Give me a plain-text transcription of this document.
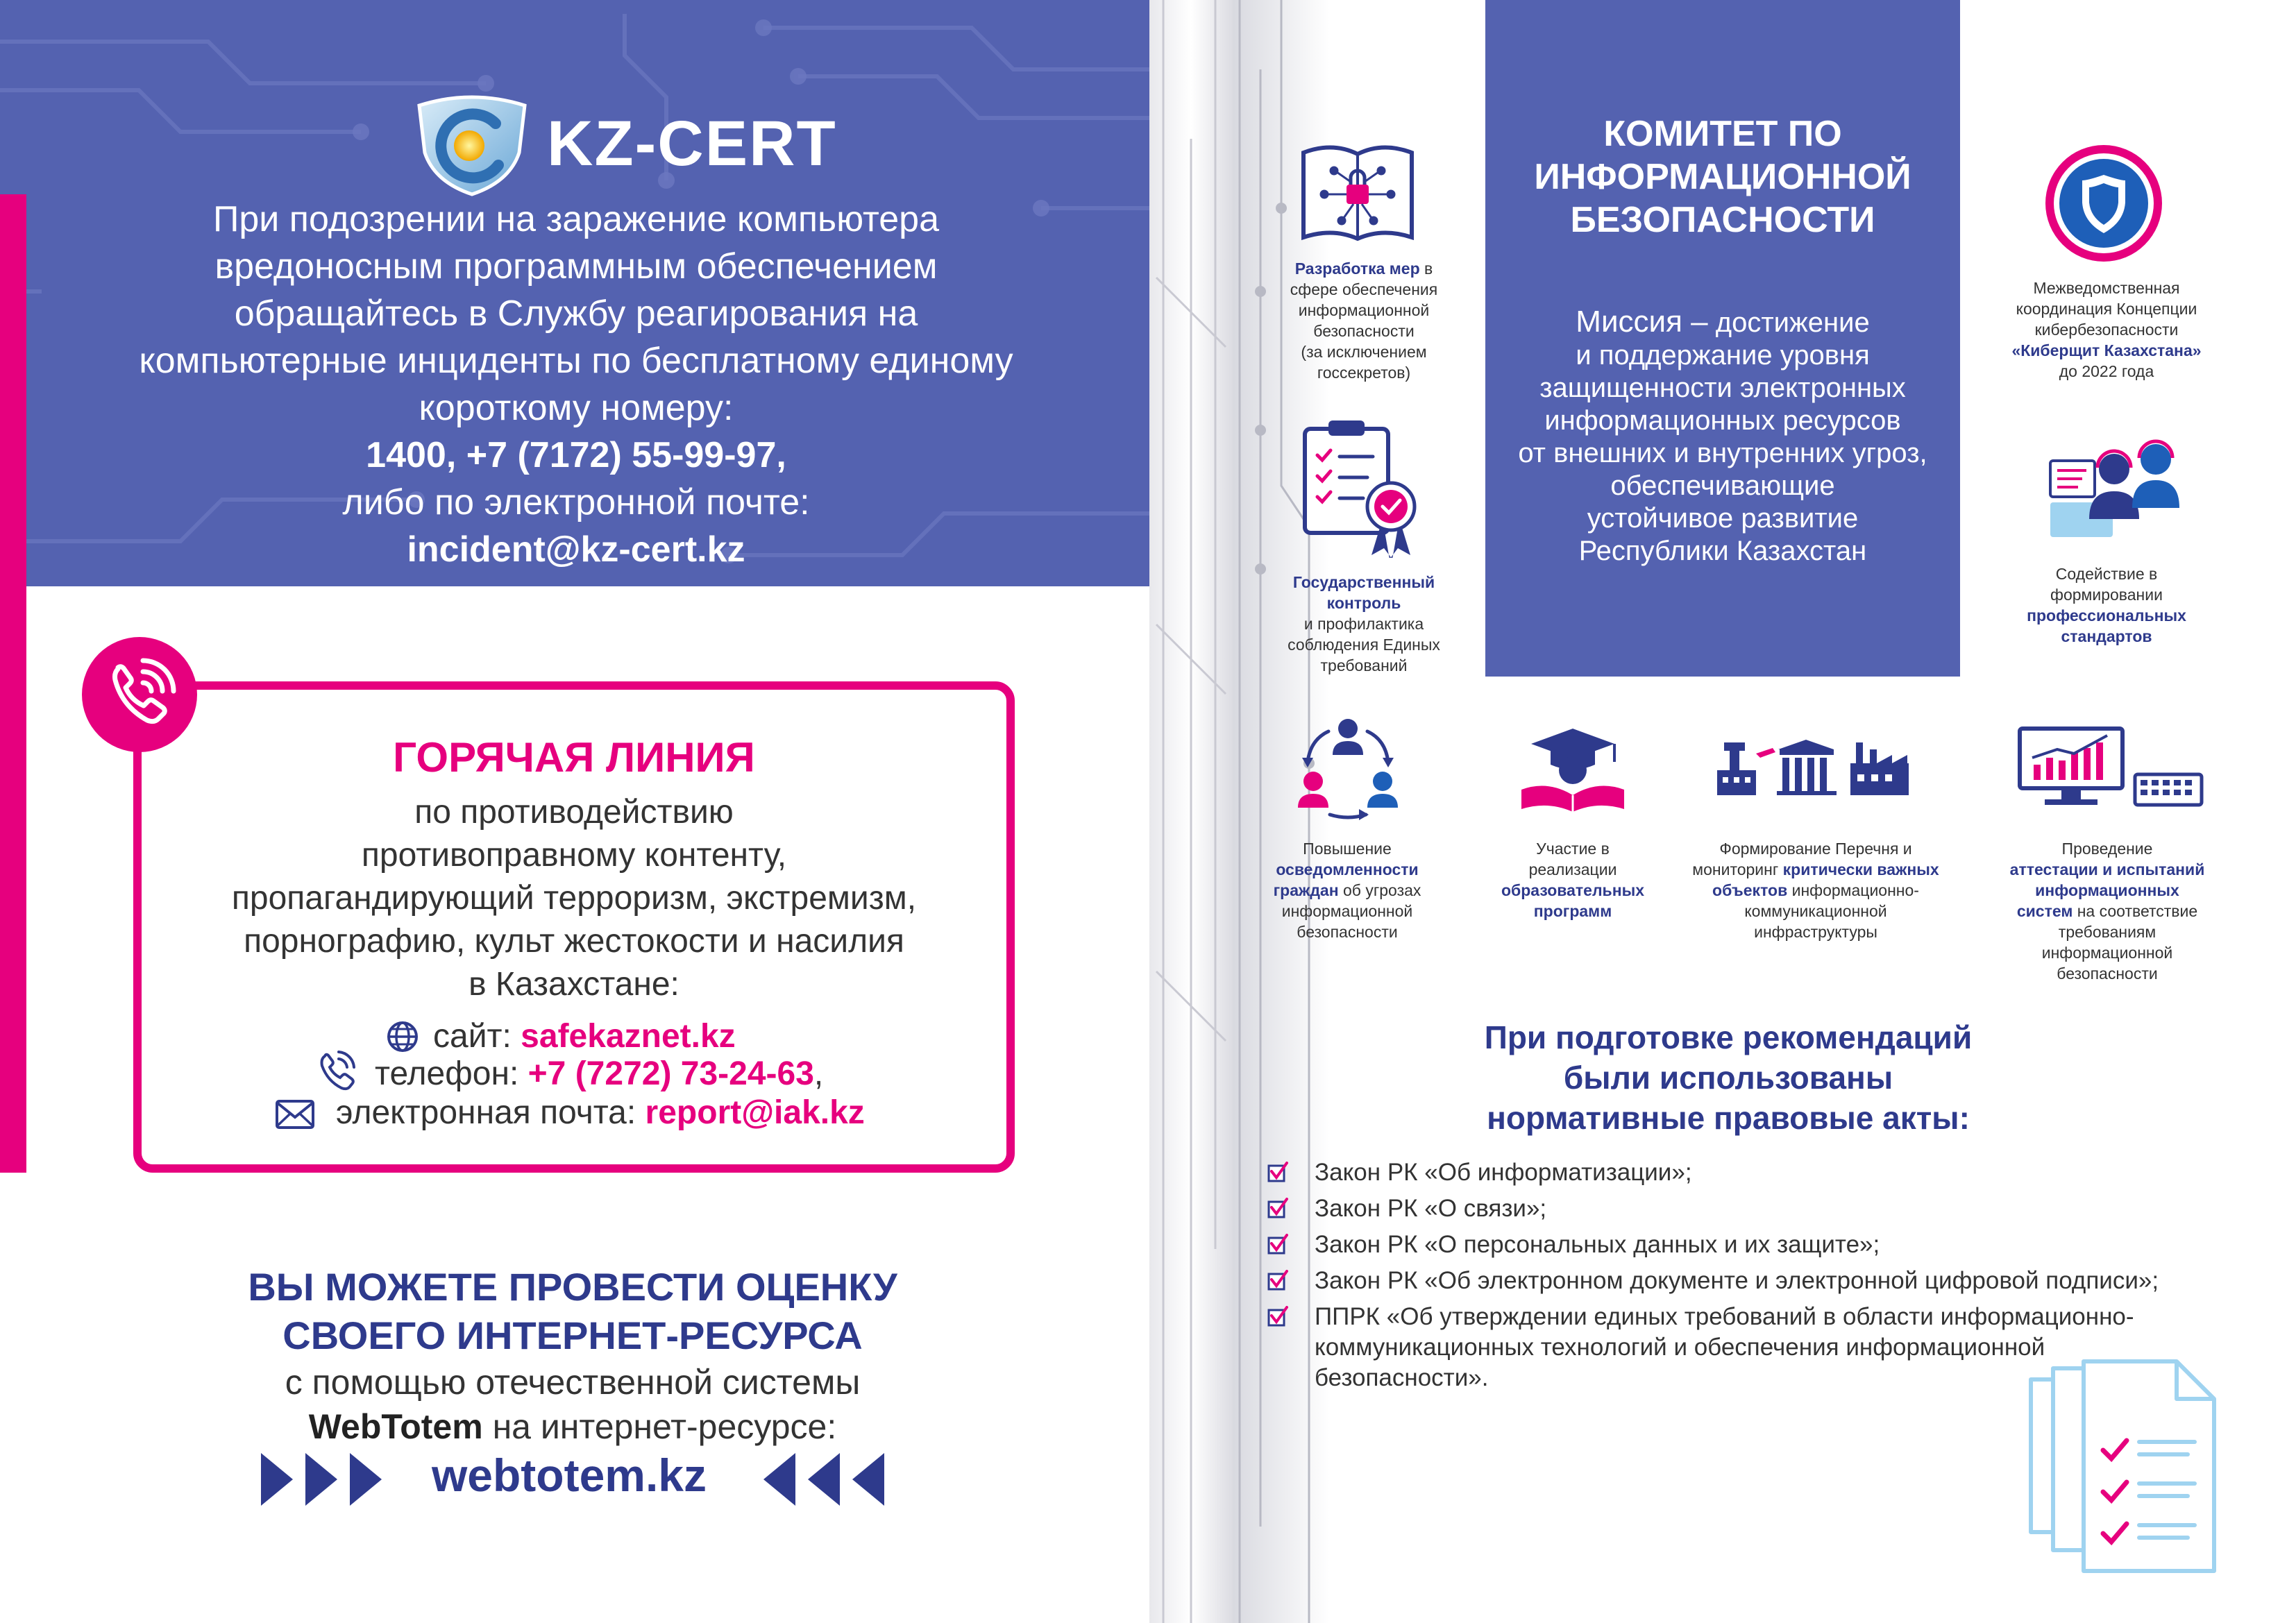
KZ-CERT
При подозрении на заражение компьютера
вредоносным программным обеспечением
обращайтесь в Службу реагирования на
компьютерные инциденты по бесплатному единому
короткому номеру:
1400, +7 (7172) 55-99-97,
либо по электронной почте:
incident@kz-cert.kz
ГОРЯЧАЯ ЛИНИЯ
по противодействию
противоправному контенту,
пропагандирующий терроризм, экстремизм,
порнографию, культ жестокости и насилия
в Казахстане:
сайт: safekaznet.kz
телефон: +7 (7272) 73-24-63,
электронная почта: report@iak.kz
ВЫ МОЖЕТЕ ПРОВЕСТИ ОЦЕНКУ
СВОЕГО ИНТЕРНЕТ-РЕСУРСА
с помощью отечественной системы
WebTotem на интернет-ресурсе:
webtotem.kz
КОМИТЕТ ПО
ИНФОРМАЦИОННОЙ
БЕЗОПАСНОСТИ
Миссия – достижение
и поддержание уровня
защищенности электронных
информационных ресурсов
от внешних и внутренних угроз,
обеспечивающие
устойчивое развитие
Республики Казахстан
Разработка мер в
сфере обеспечения
информационной
безопасности
(за исключением
госсекретов)
Государственный
контроль
и профилактика
соблюдения Единых
требований
Межведомственная
координация Концепции
кибербезопасности
«Киберщит Казахстана»
до 2022 года
Содействие в
формировании
профессиональных
стандартов
Повышение
осведомленности
граждан об угрозах
информационной
безопасности
Участие в
реализации
образовательных
программ
Формирование Перечня и
мониторинг критически важных
объектов информационно-
коммуникационной
инфраструктуры
Проведение
аттестации и испытаний
информационных
систем на соответствие
требованиям
информационной
безопасности
При подготовке рекомендаций
были использованы
нормативные правовые акты:
Закон РК «Об информатизации»;
Закон РК «О связи»;
Закон РК «О персональных данных и их защите»;
Закон РК «Об электронном документе и электронной цифровой подписи»;
ППРК «Об утверждении единых требований в области информационно-коммуникационных технологий и обеспечения информационной безопасности».
